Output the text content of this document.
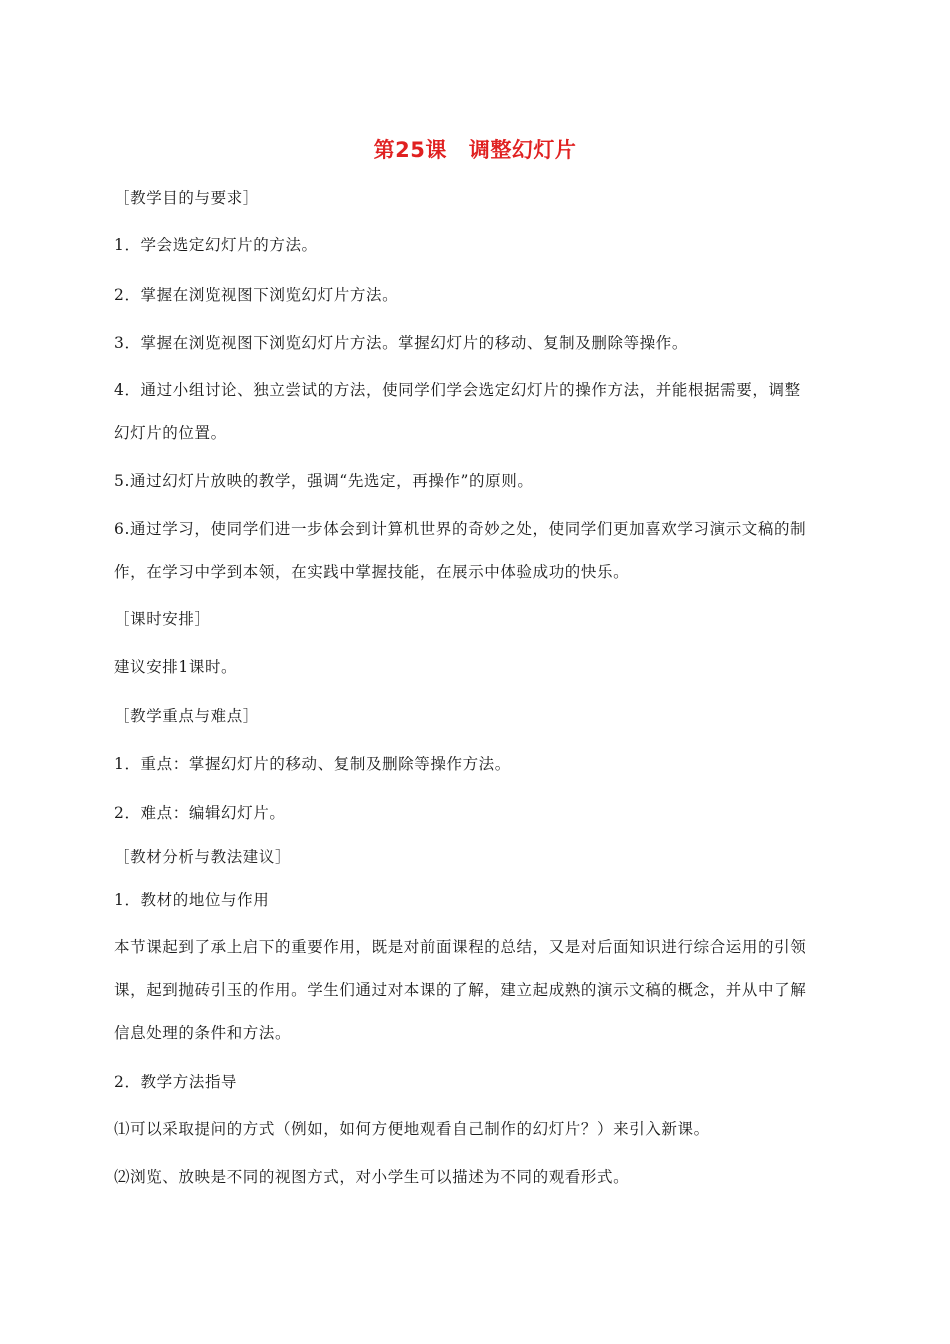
第25课 调整幻灯片
［教学目的与要求］
1．学会选定幻灯片的方法。
2．掌握在浏览视图下浏览幻灯片方法。
3．掌握在浏览视图下浏览幻灯片方法。掌握幻灯片的移动、复制及删除等操作。
4．通过小组讨论、独立尝试的方法，使同学们学会选定幻灯片的操作方法，并能根据需要，调整
幻灯片的位置。
5.通过幻灯片放映的教学，强调“先选定，再操作”的原则。
6.通过学习，使同学们进一步体会到计算机世界的奇妙之处，使同学们更加喜欢学习演示文稿的制
作，在学习中学到本领，在实践中掌握技能，在展示中体验成功的快乐。
［课时安排］
建议安排1课时。
［教学重点与难点］
1．重点：掌握幻灯片的移动、复制及删除等操作方法。
2．难点：编辑幻灯片。
［教材分析与教法建议］
1．教材的地位与作用
本节课起到了承上启下的重要作用，既是对前面课程的总结，又是对后面知识进行综合运用的引领
课，起到抛砖引玉的作用。学生们通过对本课的了解，建立起成熟的演示文稿的概念，并从中了解
信息处理的条件和方法。
2．教学方法指导
⑴可以采取提问的方式（例如，如何方便地观看自己制作的幻灯片？）来引入新课。
⑵浏览、放映是不同的视图方式，对小学生可以描述为不同的观看形式。
